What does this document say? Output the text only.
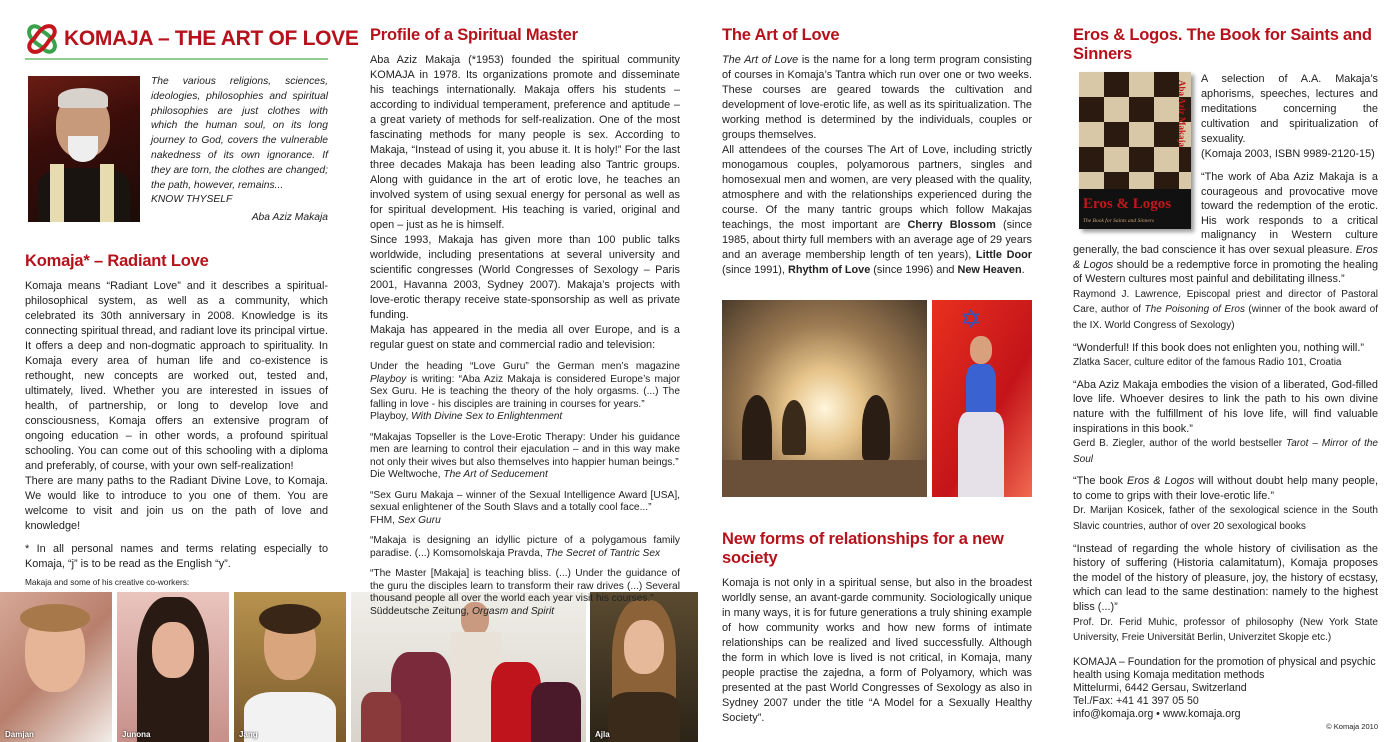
KOMAJA – THE ART OF LOVE

The various religions, sciences, ideologies, philosophies and spiritual philosophies are just clothes with which the human soul, on its long journey to God, covers the vulnerable nakedness of its own ignorance. If they are torn, the clothes are changed; the path, however, remains...

KNOW THYSELF

Aba Aziz Makaja

Komaja* – Radiant Love

Komaja means “Radiant Love” and it describes a spiritual-philosophical system, as well as a community, which celebrated its 30th anniversary in 2008. Knowledge is its connecting spiritual thread, and radiant love its principal virtue. It offers a deep and non-dogmatic approach to spirituality. In Komaja every area of human life and co-existence is rethought, new concepts are worked out, tested and, ultimately, lived. Whether you are interested in issues of health, of partnership, or long to develop love and consciousness, Komaja offers an extensive program of ongoing education – in other words, a profound spiritual schooling. You can come out of this schooling with a diploma and preferably, of course, with your own self-realization!

There are many paths to the Radiant Divine Love, to Komaja. We would like to introduce to you one of them. You are welcome to visit and join us on the path of love and knowledge!

* In all personal names and terms relating especially to Komaja, “j” is to be read as the English “y”.

Makaja and some of his creative co-workers:
Damjan	Junona	Jang	Ajla
Profile of a Spiritual Master

Aba Aziz Makaja (*1953) founded the spiritual community KOMAJA in 1978. Its organizations promote and disseminate his teachings internationally. Makaja offers his students – according to individual temperament, preference and aptitude – a great variety of methods for self-realization. One of the most fascinating methods for many people is sex. According to Makaja, “Instead of using it, you abuse it. It is holy!” For the last three decades Makaja has been leading also Tantric groups. Along with guidance in the art of erotic love, he teaches an involved system of using sexual energy for personal as well as for spiritual development. His teaching is varied, original and open – just as he is himself.

Since 1993, Makaja has given more than 100 public talks worldwide, including presentations at several university and scientific congresses (World Congresses of Sexology – Paris 2001, Havanna 2003, Sydney 2007). Makaja’s projects with love-erotic therapy receive state-sponsorship as well as private funding.

Makaja has appeared in the media all over Europe, and is a regular guest on state and commercial radio and television:

Under the heading “Love Guru” the German men’s magazine Playboy is writing: “Aba Aziz Makaja is considered Europe’s major Sex Guru. He is teaching the theory of the holy orgasms. (...) The falling in love - his disciples are training in courses for years.”
Playboy, With Divine Sex to Enlightenment
“Makajas Topseller is the Love-Erotic Therapy: Under his guidance men are learning to control their ejaculation – and in this way make not only their wives but also themselves into happier human beings.”
Die Weltwoche, The Art of Seducement
“Sex Guru Makaja – winner of the Sexual Intelligence Award [USA], sexual enlightener of the South Slavs and a totally cool face...”
FHM, Sex Guru
“Makaja is designing an idyllic picture of a polygamous family paradise. (...) Komsomolskaja Pravda, The Secret of Tantric Sex
“The Master [Makaja] is teaching bliss. (...) Under the guidance of the guru the disciples learn to transform their raw drives (...) Several thousand people all over the world each year visit his courses.”
Süddeutsche Zeitung, Orgasm and Spirit
The Art of Love

The Art of Love is the name for a long term program consisting of courses in Komaja’s Tantra which run over one or two weeks. These courses are geared towards the cultivation and development of love-erotic life, as well as its spiritualization. The working method is determined by the individuals, couples or groups themselves.

All attendees of the courses The Art of Love, including strictly monogamous couples, polyamorous partners, singles and homosexual men and women, are very pleased with the quality, atmosphere and with the relationships experienced during the course. Of the many tantric groups which follow Makajas teachings, the most important are Cherry Blossom (since 1985, about thirty full members with an average age of 29 years and an average membership length of ten years), Little Door (since 1991), Rhythm of Love (since 1996) and New Heaven.

✡
New forms of relationships for a new society

Komaja is not only in a spiritual sense, but also in the broadest worldly sense, an avant-garde community. Sociologically unique in many ways, it is for future generations a truly shining example of how community works and how new forms of intimate relationships can be realized and lived successfully. Although the form in which love is lived is not critical, in Komaja, many people practise the zajedna, a form of Polyamory, which was presented at the past World Congresses of Sexology as also in Sydney 2007 under the title “A Model for a Sexually Healthy Society”.

Eros & Logos. The Book for Saints and Sinners
Eros & Logos
The Book for Saints and Sinners
Aba Aziz Makaja

A selection of A.A. Makaja’s aphorisms, speeches, lectures and meditations concerning the cultivation and spiritualization of sexuality.

(Komaja 2003, ISBN 9989-2120-15)

“The work of Aba Aziz Makaja is a courageous and provocative move toward the redemption of the erotic. His work responds to a critical malignancy in Western culture generally, the bad conscience it has over sexual pleasure. Eros & Logos should be a redemptive force in promoting the healing of Western cultures most painful and debilitating illness.”
Raymond J. Lawrence, Episcopal priest and director of Pastoral Care, author of The Poisoning of Eros (winner of the book award of the IX. World Congress of Sexology)
“Wonderful! If this book does not enlighten you, nothing will.”
Zlatka Sacer, culture editor of the famous Radio 101, Croatia
“Aba Aziz Makaja embodies the vision of a liberated, God-filled love life. Whoever desires to link the path to his own divine nature with the fulfillment of his love life, will find valuable inspirations in this book.”
Gerd B. Ziegler, author of the world bestseller Tarot – Mirror of the Soul
“The book Eros & Logos will without doubt help many people, to come to grips with their love-erotic life.”
Dr. Marijan Kosicek, father of the sexological science in the South Slavic countries, author of over 20 sexological books
“Instead of regarding the whole history of civilisation as the history of suffering (Historia calamitatum), Komaja proposes the model of the history of pleasure, joy, the history of ecstasy, which can lead to the same destination: namely to the highest bliss (...)”
Prof. Dr. Ferid Muhic, professor of philosophy (New York State University, Freie Universität Berlin, Univerzitet Skopje etc.)
KOMAJA – Foundation for the promotion of physical and psychic health using Komaja meditation methods
Mittelurmi, 6442 Gersau, Switzerland
Tel./Fax: +41 41 397 05 50
info@komaja.org • www.komaja.org
© Komaja 2010
